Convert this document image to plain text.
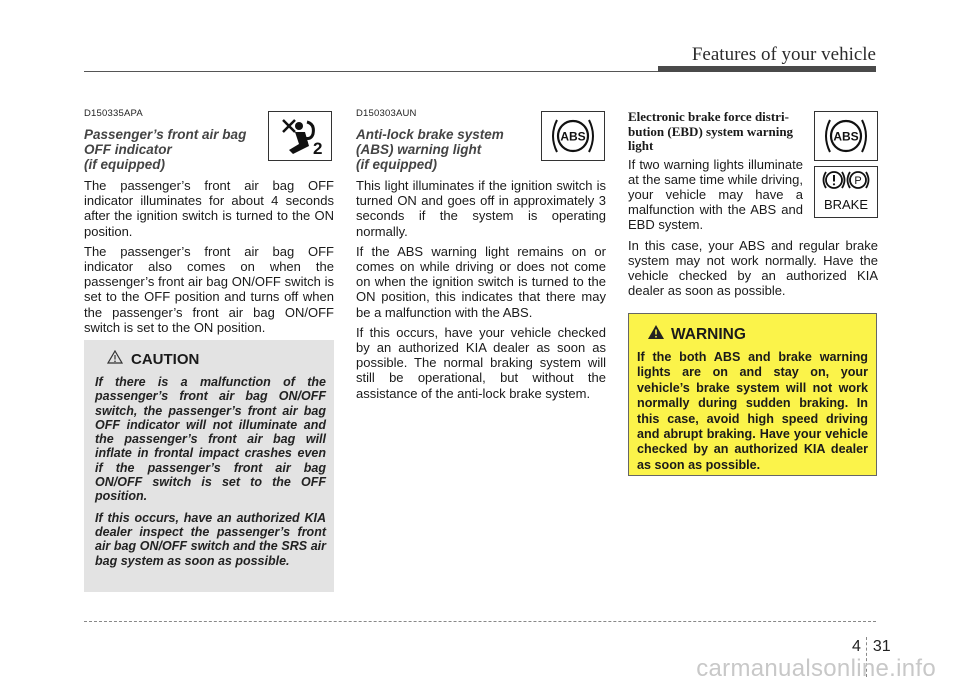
Features of your vehicle
D150335APA
Passenger’s front air bag
OFF indicator
(if equipped)

The passenger’s front air bag OFF indicator illuminates for about 4 seconds after the ignition switch is turned to the ON position.

The passenger’s front air bag OFF indicator also comes on when the passenger’s front air bag ON/OFF switch is set to the OFF position and turns off when the passenger’s front air bag ON/OFF switch is set to the ON position.

2
CAUTION

If there is a malfunction of the passenger’s front air bag ON/OFF switch, the passenger’s front air bag OFF indicator will not illuminate and the passenger’s front air bag will inflate in frontal impact crashes even if the passenger’s front air bag ON/OFF switch is set to the OFF position.

If this occurs, have an authorized KIA dealer inspect the passenger’s front air bag ON/OFF switch and the SRS air bag system as soon as possible.

D150303AUN
Anti-lock brake system
(ABS) warning light
(if equipped)

This light illuminates if the ignition switch is turned ON and goes off in approximately 3 seconds if the system is operating normally.

If the ABS warning light remains on or comes on while driving or does not come on when the ignition switch is turned to the ON position, this indicates that there may be a malfunction with the ABS.

If this occurs, have your vehicle checked by an authorized KIA dealer as soon as possible. The normal braking system will still be operational, but without the assistance of the anti-lock brake system.

ABS
Electronic brake force distri-
bution (EBD) system warning
light

If two warning lights illuminate at the same time while driving, your vehicle may have a malfunction with the ABS and EBD system.

In this case, your ABS and regular brake system may not work normally. Have the vehicle checked by an authorized KIA dealer as soon as possible.

ABS
P
BRAKE
WARNING

If the both ABS and brake warning lights are on and stay on, your vehicle’s brake system will not work normally during sudden braking. In this case, avoid high speed driving and abrupt braking. Have your vehicle checked by an authorized KIA dealer as soon as possible.

4 31
carmanualsonline.info
